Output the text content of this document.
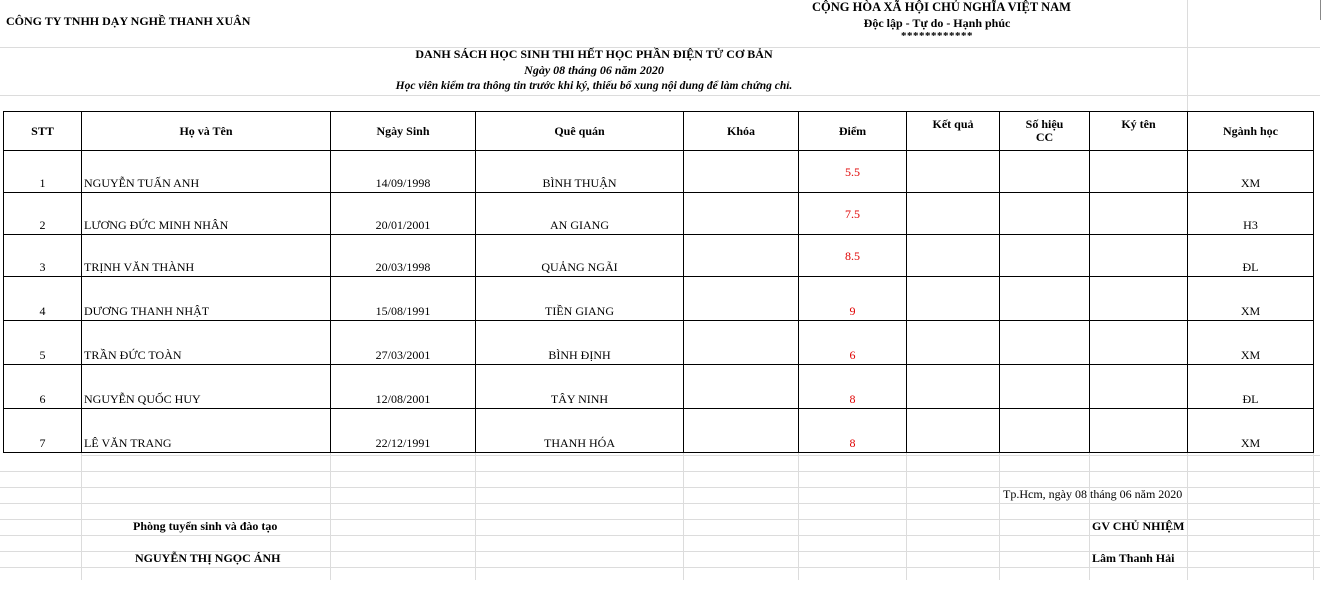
CÔNG TY TNHH DẠY NGHỀ THANH XUÂN
CỘNG HÒA XÃ HỘI CHỦ NGHĨA VIỆT NAM
Độc lập - Tự do - Hạnh phúc
************
DANH SÁCH HỌC SINH THI HẾT HỌC PHẦN ĐIỆN TỬ CƠ BẢN
Ngày 08 tháng 06 năm 2020
Học viên kiểm tra thông tin trước khi ký, thiếu bổ xung nội dung để làm chứng chỉ.
STT	Họ và Tên	Ngày Sinh	Quê quán	Khóa	Điểm	Kết quả	Số hiệu
CC	Ký tên	Ngành học

1	NGUYỄN TUẤN ANH	14/09/1998	BÌNH THUẬN		5.5				XM

2	LƯƠNG ĐỨC MINH NHÂN	20/01/2001	AN GIANG		7.5				H3

3	TRỊNH VĂN THÀNH	20/03/1998	QUẢNG NGÃI		8.5				ĐL

4	DƯƠNG THANH NHẬT	15/08/1991	TIỀN GIANG		9				XM

5	TRẦN ĐỨC TOÀN	27/03/2001	BÌNH ĐỊNH		6				XM

6	NGUYỄN QUỐC HUY	12/08/2001	TÂY NINH		8				ĐL

7	LÊ VĂN TRANG	22/12/1991	THANH HÓA		8				XM
Tp.Hcm, ngày 08 tháng 06 năm 2020
Phòng tuyển sinh và đào tạo	GV CHỦ NHIỆM
NGUYỄN THỊ NGỌC ÁNH	Lâm Thanh Hải
